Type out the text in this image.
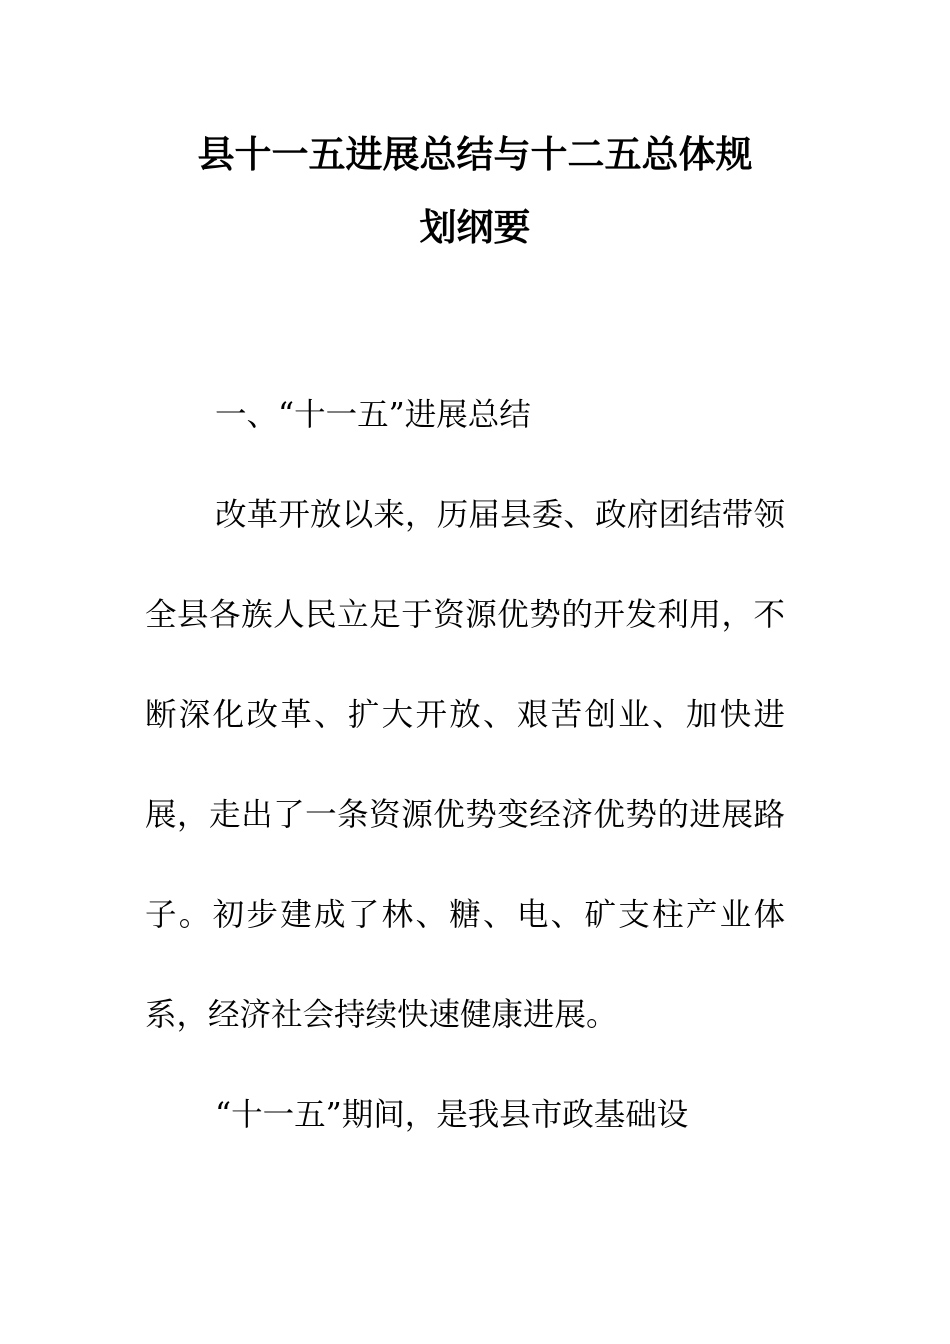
县十一五进展总结与十二五总体规
划纲要
一、“十一五”进展总结

改革开放以来，历届县委、政府团结带领全县各族人民立足于资源优势的开发利用，不断深化改革、扩大开放、艰苦创业、加快进展，走出了一条资源优势变经济优势的进展路子。初步建成了林、糖、电、矿支柱产业体系，经济社会持续快速健康进展。

“十一五”期间，是我县市政基础设
